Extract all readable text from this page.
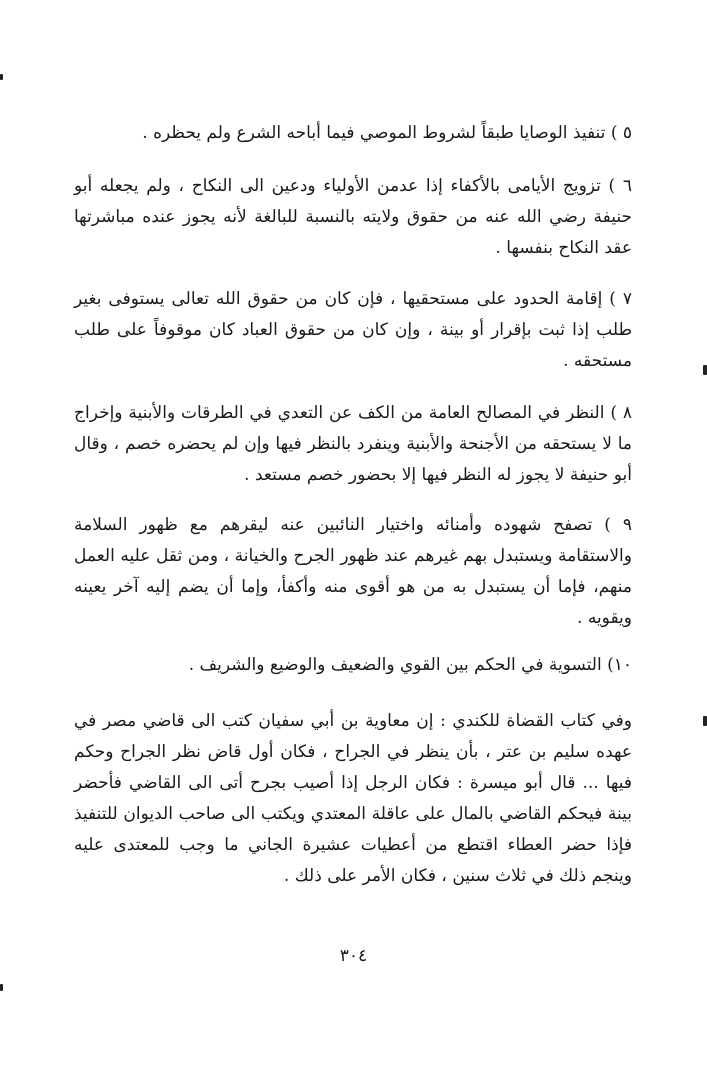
٥ ) تنفيذ الوصايا طبقاً لشروط الموصي فيما أباحه الشرع ولم يحظره .

٦ ) تزويج الأيامى بالأكفاء إذا عدمن الأولياء ودعين الى النكاح ، ولم يجعله أبو حنيفة رضي الله عنه من حقوق ولايته بالنسبة للبالغة لأنه يجوز عنده مباشرتها عقد النكاح بنفسها .

٧ ) إقامة الحدود على مستحقيها ، فإن كان من حقوق الله تعالى يستوفى بغير طلب إذا ثبت بإقرار أو بينة ، وإن كان من حقوق العباد كان موقوفاً على طلب مستحقه .

٨ ) النظر في المصالح العامة من الكف عن التعدي في الطرقات والأبنية وإخراج ما لا يستحقه من الأجنحة والأبنية وينفرد بالنظر فيها وإن لم يحضره خصم ، وقال أبو حنيفة لا يجوز له النظر فيها إلا بحضور خصم مستعد .

٩ ) تصفح شهوده وأمنائه واختيار النائبين عنه ليقرهم مع ظهور السلامة والاستقامة ويستبدل بهم غيرهم عند ظهور الجرح والخيانة ، ومن ثقل عليه العمل منهم، فإما أن يستبدل به من هو أقوى منه وأكفأ، وإما أن يضم إليه آخر يعينه ويقويه .

١٠) التسوية في الحكم بين القوي والضعيف والوضيع والشريف .

وفي كتاب القضاة للكندي : إن معاوية بن أبي سفيان كتب الى قاضي مصر في عهده سليم بن عتر ، بأن ينظر في الجراح ، فكان أول قاض نظر الجراح وحكم فيها ... قال أبو ميسرة : فكان الرجل إذا أصيب بجرح أتى الى القاضي فأحضر بينة فيحكم القاضي بالمال على عاقلة المعتدي ويكتب الى صاحب الديوان للتنفيذ فإذا حضر العطاء اقتطع من أعطيات عشيرة الجاني ما وجب للمعتدى عليه وينجم ذلك في ثلاث سنين ، فكان الأمر على ذلك .

٣٠٤
